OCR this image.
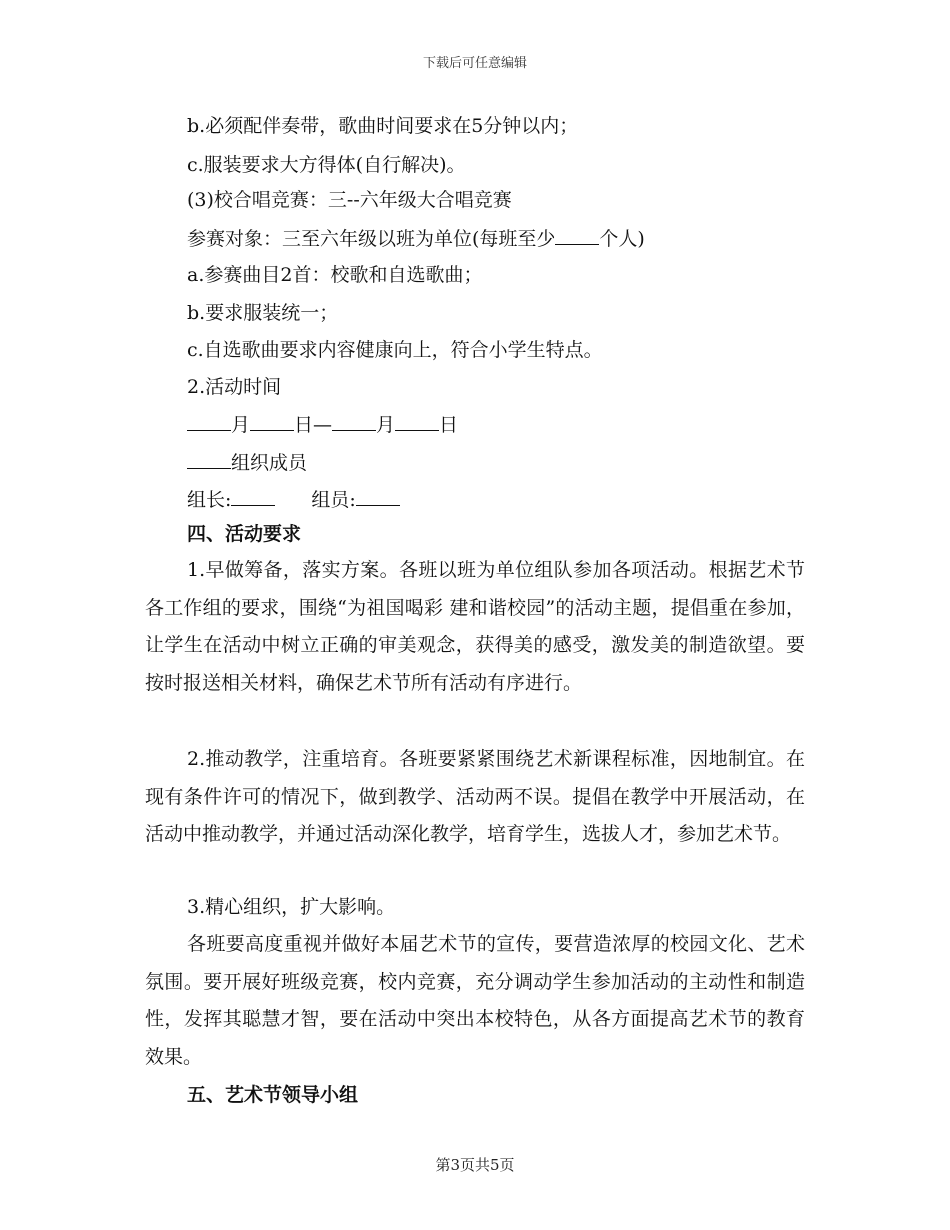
下载后可任意编辑
b.必须配伴奏带，歌曲时间要求在5分钟以内；
c.服装要求大方得体(自行解决)。
(3)校合唱竞赛：三--六年级大合唱竞赛
参赛对象：三至六年级以班为单位(每班至少 个人)
a.参赛曲目2首：校歌和自选歌曲；
b.要求服装统一；
c.自选歌曲要求内容健康向上，符合小学生特点。
2.活动时间
月 日— 月 日
组织成员
组长:	组员:
四、活动要求

1.早做筹备，落实方案。各班以班为单位组队参加各项活动。根据艺术节各工作组的要求，围绕“为祖国喝彩 建和谐校园”的活动主题，提倡重在参加，让学生在活动中树立正确的审美观念，获得美的感受，激发美的制造欲望。要按时报送相关材料，确保艺术节所有活动有序进行。

2.推动教学，注重培育。各班要紧紧围绕艺术新课程标准，因地制宜。在现有条件许可的情况下，做到教学、活动两不误。提倡在教学中开展活动，在活动中推动教学，并通过活动深化教学，培育学生，选拔人才，参加艺术节。

3.精心组织，扩大影响。

各班要高度重视并做好本届艺术节的宣传，要营造浓厚的校园文化、艺术氛围。要开展好班级竞赛，校内竞赛，充分调动学生参加活动的主动性和制造性，发挥其聪慧才智，要在活动中突出本校特色，从各方面提高艺术节的教育效果。

五、艺术节领导小组
第3页共5页
